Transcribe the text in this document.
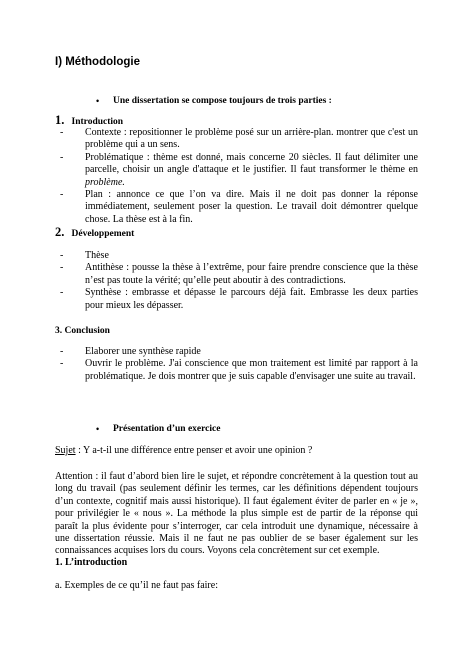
I) Méthodologie
• Une dissertation se compose toujours de trois parties :
1. Introduction
- Contexte : repositionner le problème posé sur un arrière-plan. montrer que c'est un problème qui a un sens.
- Problématique : thème est donné, mais concerne 20 siècles. Il faut délimiter une parcelle, choisir un angle d'attaque et le justifier. Il faut transformer le thème en problème.
- Plan : annonce ce que l’on va dire. Mais il ne doit pas donner la réponse immédiatement, seulement poser la question. Le travail doit démontrer quelque chose. La thèse est à la fin.
2. Développement
- Thèse
- Antithèse : pousse la thèse à l’extrême, pour faire prendre conscience que la thèse n’est pas toute la vérité; qu’elle peut aboutir à des contradictions.
- Synthèse : embrasse et dépasse le parcours déjà fait. Embrasse les deux parties pour mieux les dépasser.
3. Conclusion
- Elaborer une synthèse rapide
- Ouvrir le problème. J'ai conscience que mon traitement est limité par rapport à la problématique. Je dois montrer que je suis capable d'envisager une suite au travail.
• Présentation d’un exercice
Sujet : Y a-t-il une différence entre penser et avoir une opinion ?
Attention : il faut d’abord bien lire le sujet, et répondre concrètement à la question tout au long du travail (pas seulement définir les termes, car les définitions dépendent toujours d’un contexte, cognitif mais aussi historique). Il faut également éviter de parler en « je », pour privilégier le « nous ». La méthode la plus simple est de partir de la réponse qui paraît la plus évidente pour s’interroger, car cela introduit une dynamique, nécessaire à une dissertation réussie. Mais il ne faut ne pas oublier de se baser également sur les connaissances acquises lors du cours. Voyons cela concrètement sur cet exemple.
1. L’introduction
a. Exemples de ce qu’il ne faut pas faire:
